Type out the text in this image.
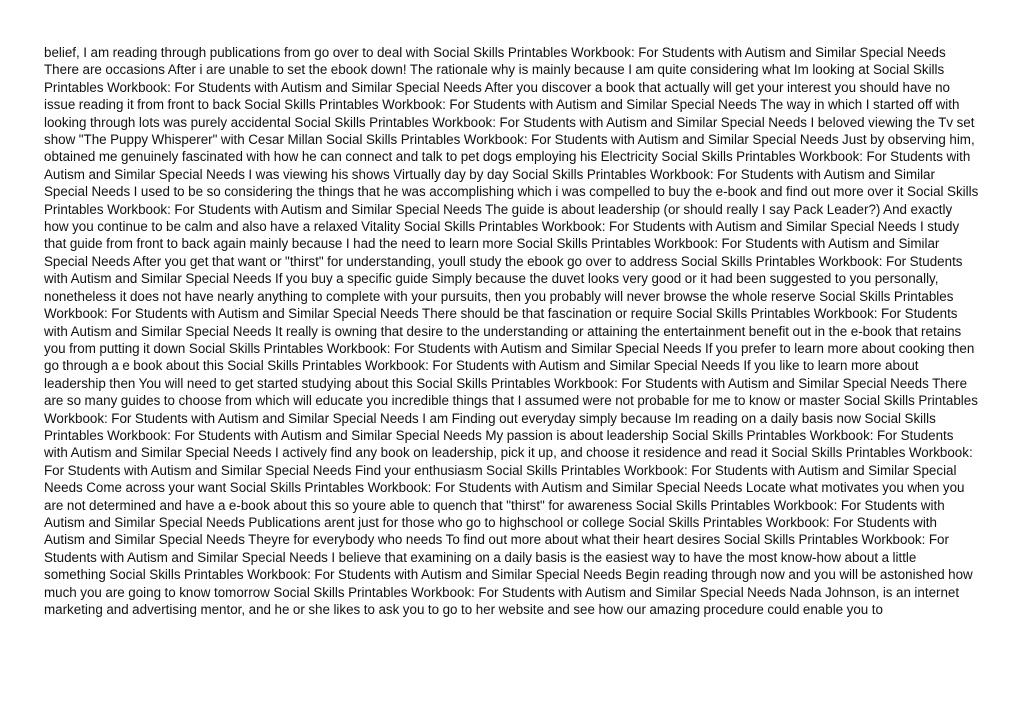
belief, I am reading through publications from go over to deal with Social Skills Printables Workbook: For Students with Autism and Similar Special Needs There are occasions After i are unable to set the ebook down! The rationale why is mainly because I am quite considering what Im looking at Social Skills Printables Workbook: For Students with Autism and Similar Special Needs After you discover a book that actually will get your interest you should have no issue reading it from front to back Social Skills Printables Workbook: For Students with Autism and Similar Special Needs The way in which I started off with looking through lots was purely accidental Social Skills Printables Workbook: For Students with Autism and Similar Special Needs I beloved viewing the Tv set show "The Puppy Whisperer" with Cesar Millan Social Skills Printables Workbook: For Students with Autism and Similar Special Needs Just by observing him, obtained me genuinely fascinated with how he can connect and talk to pet dogs employing his Electricity Social Skills Printables Workbook: For Students with Autism and Similar Special Needs I was viewing his shows Virtually day by day Social Skills Printables Workbook: For Students with Autism and Similar Special Needs I used to be so considering the things that he was accomplishing which i was compelled to buy the e-book and find out more over it Social Skills Printables Workbook: For Students with Autism and Similar Special Needs The guide is about leadership (or should really I say Pack Leader?) And exactly how you continue to be calm and also have a relaxed Vitality Social Skills Printables Workbook: For Students with Autism and Similar Special Needs I study that guide from front to back again mainly because I had the need to learn more Social Skills Printables Workbook: For Students with Autism and Similar Special Needs After you get that want or "thirst" for understanding, youll study the ebook go over to address Social Skills Printables Workbook: For Students with Autism and Similar Special Needs If you buy a specific guide Simply because the duvet looks very good or it had been suggested to you personally, nonetheless it does not have nearly anything to complete with your pursuits, then you probably will never browse the whole reserve Social Skills Printables Workbook: For Students with Autism and Similar Special Needs There should be that fascination or require Social Skills Printables Workbook: For Students with Autism and Similar Special Needs It really is owning that desire to the understanding or attaining the entertainment benefit out in the e-book that retains you from putting it down Social Skills Printables Workbook: For Students with Autism and Similar Special Needs If you prefer to learn more about cooking then go through a e book about this Social Skills Printables Workbook: For Students with Autism and Similar Special Needs If you like to learn more about leadership then You will need to get started studying about this Social Skills Printables Workbook: For Students with Autism and Similar Special Needs There are so many guides to choose from which will educate you incredible things that I assumed were not probable for me to know or master Social Skills Printables Workbook: For Students with Autism and Similar Special Needs I am Finding out everyday simply because Im reading on a daily basis now Social Skills Printables Workbook: For Students with Autism and Similar Special Needs My passion is about leadership Social Skills Printables Workbook: For Students with Autism and Similar Special Needs I actively find any book on leadership, pick it up, and choose it residence and read it Social Skills Printables Workbook: For Students with Autism and Similar Special Needs Find your enthusiasm Social Skills Printables Workbook: For Students with Autism and Similar Special Needs Come across your want Social Skills Printables Workbook: For Students with Autism and Similar Special Needs Locate what motivates you when you are not determined and have a e-book about this so youre able to quench that "thirst" for awareness Social Skills Printables Workbook: For Students with Autism and Similar Special Needs Publications arent just for those who go to highschool or college Social Skills Printables Workbook: For Students with Autism and Similar Special Needs Theyre for everybody who needs To find out more about what their heart desires Social Skills Printables Workbook: For Students with Autism and Similar Special Needs I believe that examining on a daily basis is the easiest way to have the most know-how about a little something Social Skills Printables Workbook: For Students with Autism and Similar Special Needs Begin reading through now and you will be astonished how much you are going to know tomorrow Social Skills Printables Workbook: For Students with Autism and Similar Special Needs Nada Johnson, is an internet marketing and advertising mentor, and he or she likes to ask you to go to her website and see how our amazing procedure could enable you to
